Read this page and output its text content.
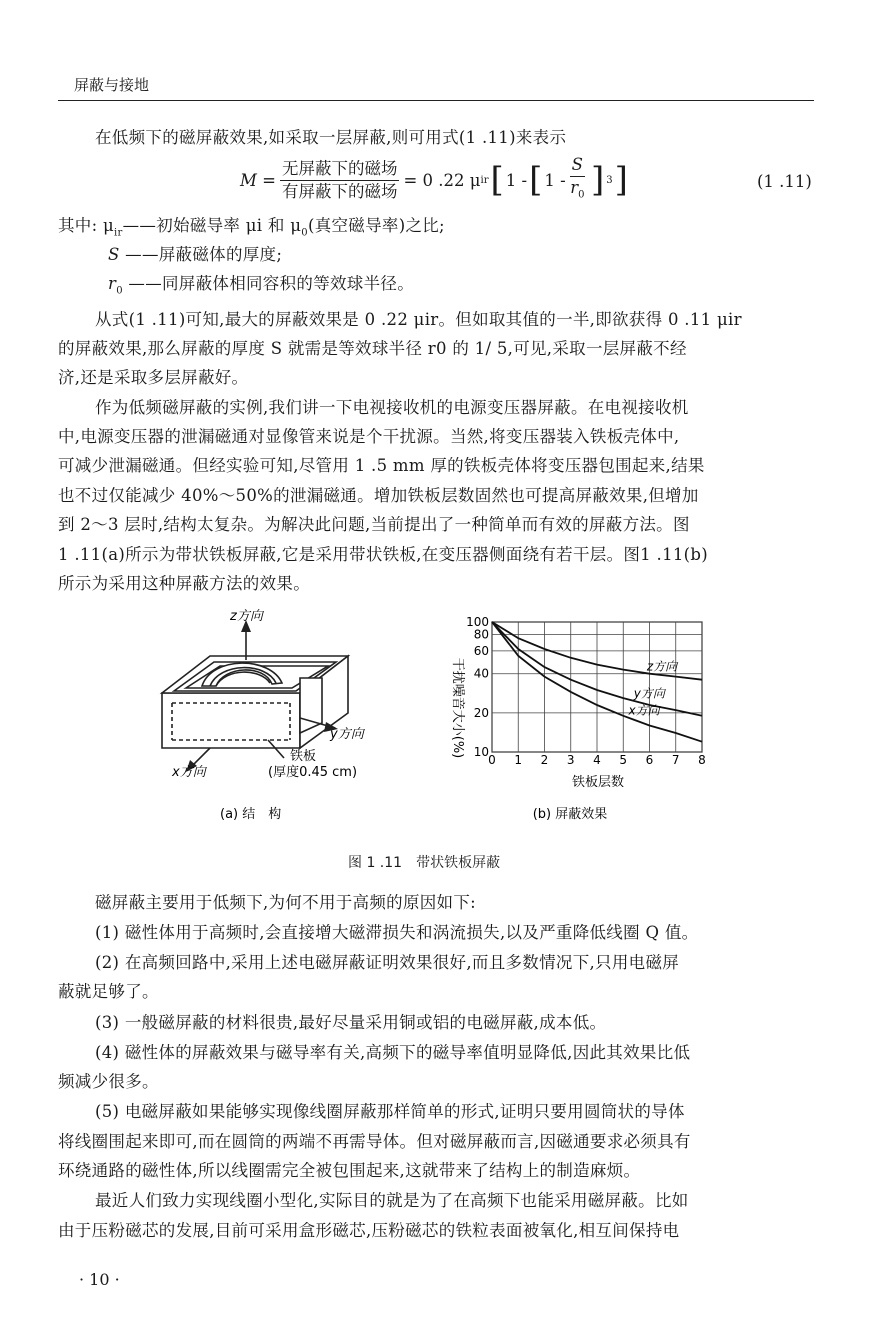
屏蔽与接地
在低频下的磁屏蔽效果,如采取一层屏蔽,则可用式(1 .11)来表示
$M = \frac{\text{无屏蔽下的磁场}}{\text{有屏蔽下的磁场}} = 0$ .22 μ ir [ 1 - [ $1 - \frac{S}{r_0}$ ] 3 ]	(1 .11)
其中: $\mu_{ir}——$初始磁导率 μi 和 $\mu_0$(真空磁导率)之比;
S ——屏蔽磁体的厚度;
$r_0$ ——同屏蔽体相同容积的等效球半径。
从式(1 .11)可知,最大的屏蔽效果是 0 .22 μir。但如取其值的一半,即欲获得 0 .11 μir
的屏蔽效果,那么屏蔽的厚度 S 就需是等效球半径 r0 的 1/ 5,可见,采取一层屏蔽不经
济,还是采取多层屏蔽好。
作为低频磁屏蔽的实例,我们讲一下电视接收机的电源变压器屏蔽。在电视接收机
中,电源变压器的泄漏磁通对显像管来说是个干扰源。当然,将变压器装入铁板壳体中,
可减少泄漏磁通。但经实验可知,尽管用 1 .5 mm 厚的铁板壳体将变压器包围起来,结果
也不过仅能减少 40%～50%的泄漏磁通。增加铁板层数固然也可提高屏蔽效果,但增加
到 2～3 层时,结构太复杂。为解决此问题,当前提出了一种简单而有效的屏蔽方法。图
1 .11(a)所示为带状铁板屏蔽,它是采用带状铁板,在变压器侧面绕有若干层。图1 .11(b)
所示为采用这种屏蔽方法的效果。
z方向
y方向
x方向
铁板
(厚度0.45 cm)
(a) 结　构
z方向
y方向
x方向
0 1 2 3 4 5 6 7 8
10
20
40
60
80
100
干扰噪音大小(%)
铁板层数
(b) 屏蔽效果
图 1 .11　带状铁板屏蔽
磁屏蔽主要用于低频下,为何不用于高频的原因如下:
(1) 磁性体用于高频时,会直接增大磁滞损失和涡流损失,以及严重降低线圈 Q 值。
(2) 在高频回路中,采用上述电磁屏蔽证明效果很好,而且多数情况下,只用电磁屏
蔽就足够了。
(3) 一般磁屏蔽的材料很贵,最好尽量采用铜或铝的电磁屏蔽,成本低。
(4) 磁性体的屏蔽效果与磁导率有关,高频下的磁导率值明显降低,因此其效果比低
频减少很多。
(5) 电磁屏蔽如果能够实现像线圈屏蔽那样简单的形式,证明只要用圆筒状的导体
将线圈围起来即可,而在圆筒的两端不再需导体。但对磁屏蔽而言,因磁通要求必须具有
环绕通路的磁性体,所以线圈需完全被包围起来,这就带来了结构上的制造麻烦。
最近人们致力实现线圈小型化,实际目的就是为了在高频下也能采用磁屏蔽。比如
由于压粉磁芯的发展,目前可采用盒形磁芯,压粉磁芯的铁粒表面被氧化,相互间保持电
· 10 ·
